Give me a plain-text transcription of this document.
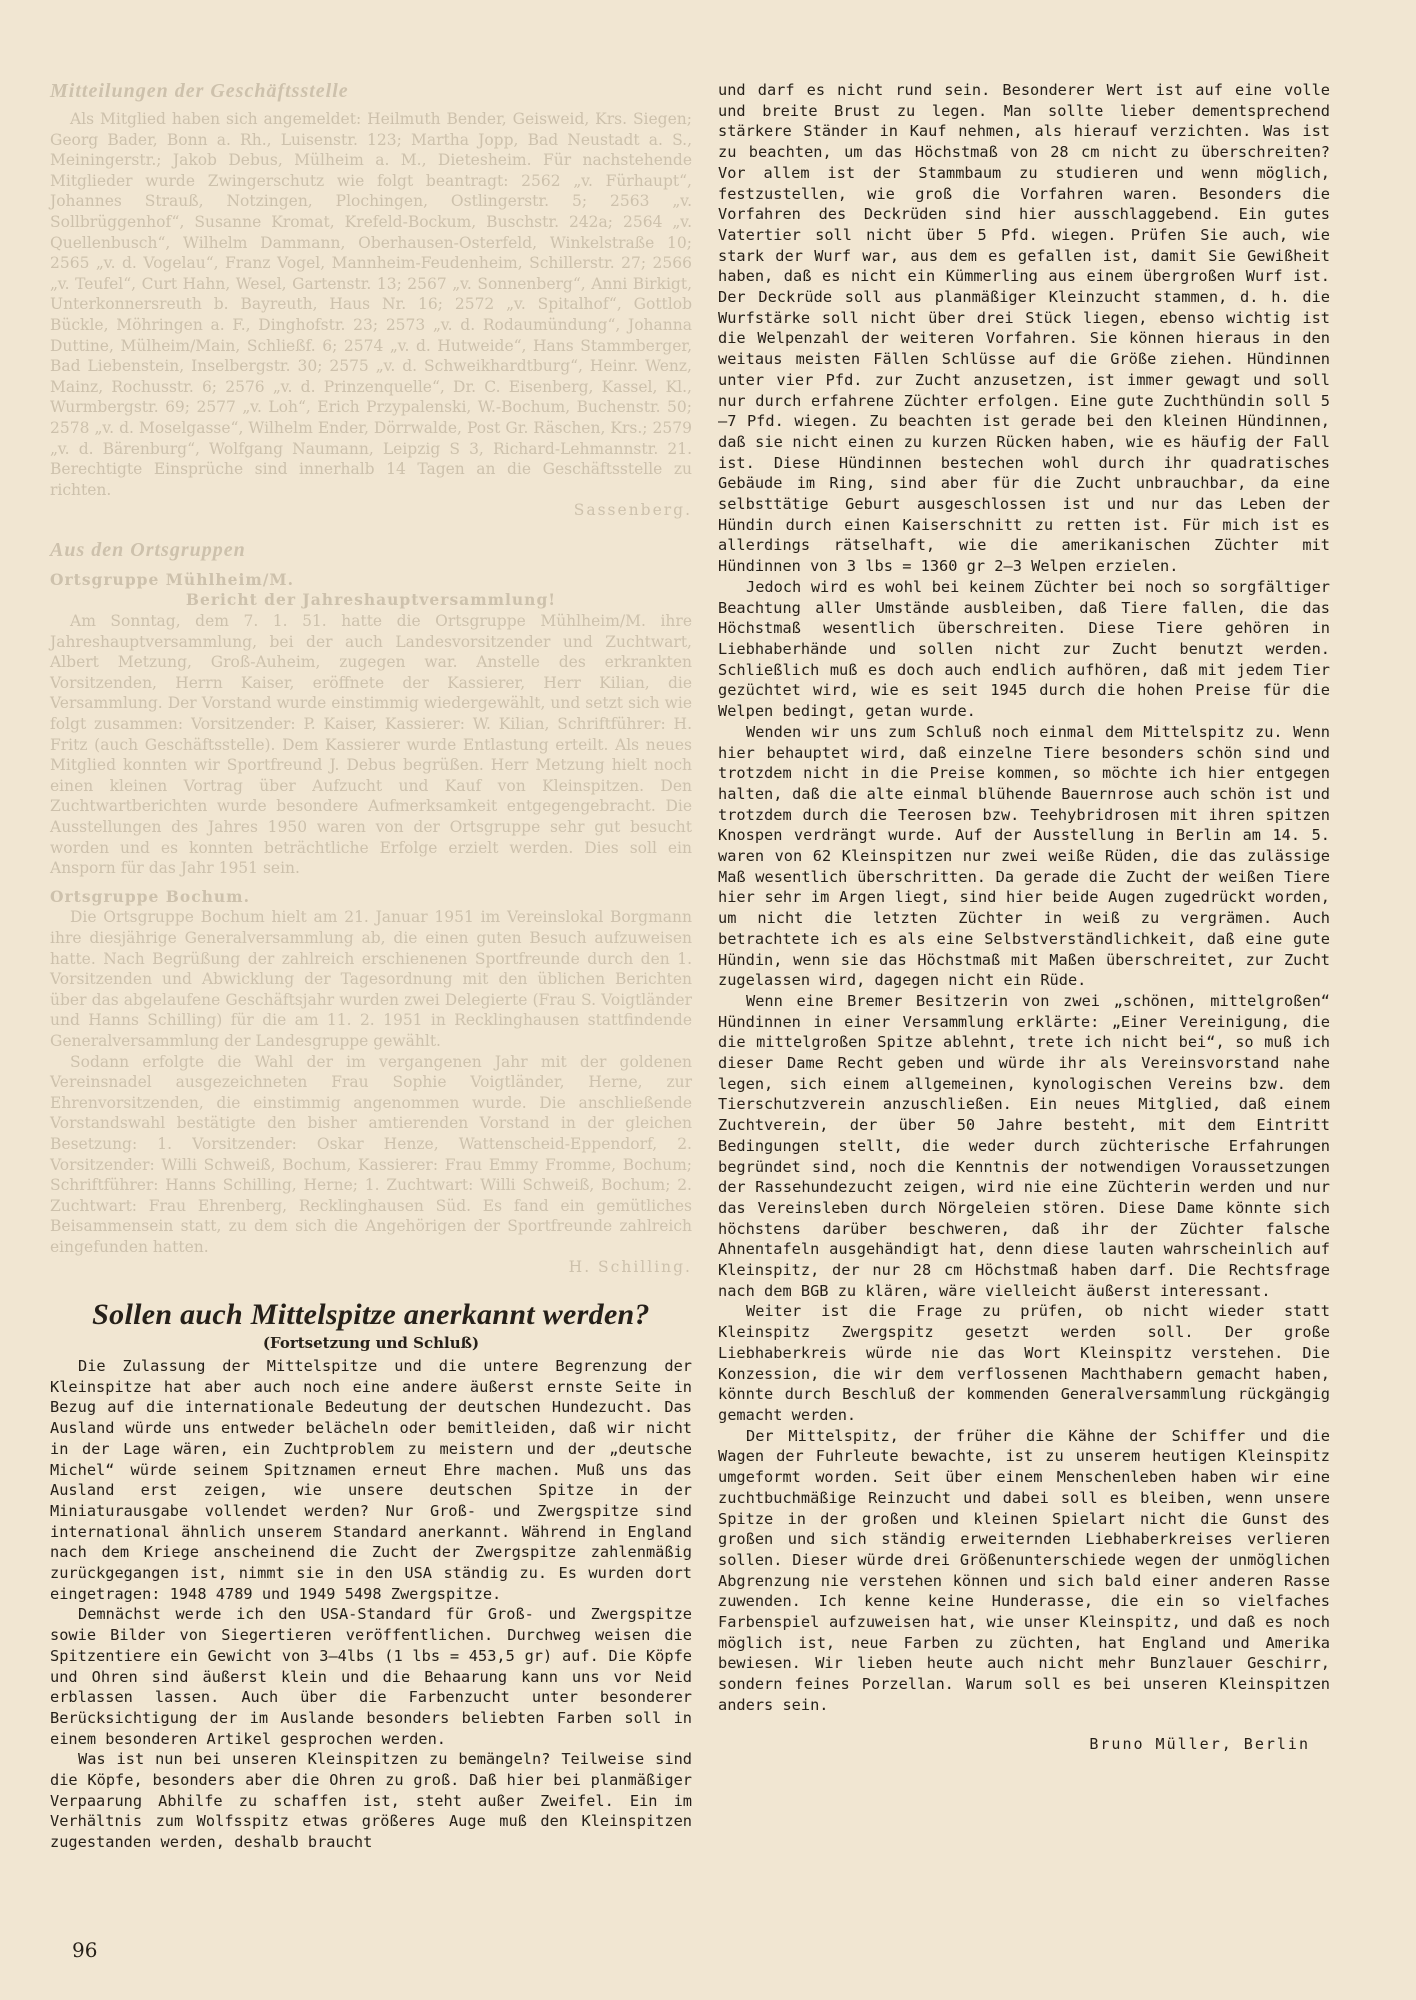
Mitteilungen der Geschäftsstelle

Als Mitglied haben sich angemeldet: Heilmuth Bender, Geisweid, Krs. Siegen; Georg Bader, Bonn a. Rh., Luisenstr. 123; Martha Jopp, Bad Neustadt a. S., Meiningerstr.; Jakob Debus, Mülheim a. M., Dietesheim. Für nachstehende Mitglieder wurde Zwingerschutz wie folgt beantragt: 2562 „v. Fürhaupt“, Johannes Strauß, Notzingen, Plochingen, Ostlingerstr. 5; 2563 „v. Sollbrüggenhof“, Susanne Kromat, Krefeld-Bockum, Buschstr. 242a; 2564 „v. Quellenbusch“, Wilhelm Dammann, Oberhausen-Osterfeld, Winkelstraße 10; 2565 „v. d. Vogelau“, Franz Vogel, Mannheim-Feudenheim, Schillerstr. 27; 2566 „v. Teufel“, Curt Hahn, Wesel, Gartenstr. 13; 2567 „v. Sonnenberg“, Anni Birkigt, Unterkonnersreuth b. Bayreuth, Haus Nr. 16; 2572 „v. Spitalhof“, Gottlob Bückle, Möhringen a. F., Dinghofstr. 23; 2573 „v. d. Rodaumündung“, Johanna Duttine, Mülheim/Main, Schließf. 6; 2574 „v. d. Hutweide“, Hans Stammberger, Bad Liebenstein, Inselbergstr. 30; 2575 „v. d. Schweikhardtburg“, Heinr. Wenz, Mainz, Rochusstr. 6; 2576 „v. d. Prinzenquelle“, Dr. C. Eisenberg, Kassel, Kl., Wurmbergstr. 69; 2577 „v. Loh“, Erich Przypalenski, W.-Bochum, Buchenstr. 50; 2578 „v. d. Moselgasse“, Wilhelm Ender, Dörrwalde, Post Gr. Räschen, Krs.; 2579 „v. d. Bärenburg“, Wolfgang Naumann, Leipzig S 3, Richard-Lehmannstr. 21. Berechtigte Einsprüche sind innerhalb 14 Tagen an die Geschäftsstelle zu richten.

Sassenberg.

Aus den Ortsgruppen

Ortsgruppe Mühlheim/M.

Bericht der Jahreshauptversammlung!

Am Sonntag, dem 7. 1. 51. hatte die Ortsgruppe Mühlheim/M. ihre Jahreshauptversammlung, bei der auch Landesvorsitzender und Zuchtwart, Albert Metzung, Groß-Auheim, zugegen war. Anstelle des erkrankten Vorsitzenden, Herrn Kaiser, eröffnete der Kassierer, Herr Kilian, die Versammlung. Der Vorstand wurde einstimmig wiedergewählt, und setzt sich wie folgt zusammen: Vorsitzender: P. Kaiser, Kassierer: W. Kilian, Schriftführer: H. Fritz (auch Geschäftsstelle). Dem Kassierer wurde Entlastung erteilt. Als neues Mitglied konnten wir Sportfreund J. Debus begrüßen. Herr Metzung hielt noch einen kleinen Vortrag über Aufzucht und Kauf von Kleinspitzen. Den Zuchtwartberichten wurde besondere Aufmerksamkeit entgegengebracht. Die Ausstellungen des Jahres 1950 waren von der Ortsgruppe sehr gut besucht worden und es konnten beträchtliche Erfolge erzielt werden. Dies soll ein Ansporn für das Jahr 1951 sein.

Ortsgruppe Bochum.

Die Ortsgruppe Bochum hielt am 21. Januar 1951 im Vereinslokal Borgmann ihre diesjährige Generalversammlung ab, die einen guten Besuch aufzuweisen hatte. Nach Begrüßung der zahlreich erschienenen Sportfreunde durch den 1. Vorsitzenden und Abwicklung der Tagesordnung mit den üblichen Berichten über das abgelaufene Geschäftsjahr wurden zwei Delegierte (Frau S. Voigtländer und Hanns Schilling) für die am 11. 2. 1951 in Recklinghausen stattfindende Generalversammlung der Landesgruppe gewählt.

Sodann erfolgte die Wahl der im vergangenen Jahr mit der goldenen Vereinsnadel ausgezeichneten Frau Sophie Voigtländer, Herne, zur Ehrenvorsitzenden, die einstimmig angenommen wurde. Die anschließende Vorstandswahl bestätigte den bisher amtierenden Vorstand in der gleichen Besetzung: 1. Vorsitzender: Oskar Henze, Wattenscheid-Eppendorf, 2. Vorsitzender: Willi Schweiß, Bochum, Kassierer: Frau Emmy Fromme, Bochum; Schriftführer: Hanns Schilling, Herne; 1. Zuchtwart: Willi Schweiß, Bochum; 2. Zuchtwart: Frau Ehrenberg, Recklinghausen Süd. Es fand ein gemütliches Beisammensein statt, zu dem sich die Angehörigen der Sportfreunde zahlreich eingefunden hatten.

H. Schilling.

Sollen auch Mittelspitze anerkannt werden?

(Fortsetzung und Schluß)

Die Zulassung der Mittelspitze und die untere Begrenzung der Kleinspitze hat aber auch noch eine andere äußerst ernste Seite in Bezug auf die internationale Bedeutung der deutschen Hundezucht. Das Ausland würde uns entweder belächeln oder bemitleiden, daß wir nicht in der Lage wären, ein Zuchtproblem zu meistern und der „deutsche Michel“ würde seinem Spitznamen erneut Ehre machen. Muß uns das Ausland erst zeigen, wie unsere deutschen Spitze in der Miniaturausgabe vollendet werden? Nur Groß- und Zwergspitze sind international ähnlich unserem Standard anerkannt. Während in England nach dem Kriege anscheinend die Zucht der Zwergspitze zahlenmäßig zurückgegangen ist, nimmt sie in den USA ständig zu. Es wurden dort eingetragen: 1948 4789 und 1949 5498 Zwergspitze.

Demnächst werde ich den USA-Standard für Groß- und Zwergspitze sowie Bilder von Siegertieren veröffentlichen. Durchweg weisen die Spitzentiere ein Gewicht von 3—4lbs (1 lbs = 453,5 gr) auf. Die Köpfe und Ohren sind äußerst klein und die Behaarung kann uns vor Neid erblassen lassen. Auch über die Farbenzucht unter besonderer Berücksichtigung der im Auslande besonders beliebten Farben soll in einem besonderen Artikel gesprochen werden.

Was ist nun bei unseren Kleinspitzen zu bemängeln? Teilweise sind die Köpfe, besonders aber die Ohren zu groß. Daß hier bei planmäßiger Verpaarung Abhilfe zu schaffen ist, steht außer Zweifel. Ein im Verhältnis zum Wolfsspitz etwas größeres Auge muß den Kleinspitzen zugestanden werden, deshalb braucht

und darf es nicht rund sein. Besonderer Wert ist auf eine volle und breite Brust zu legen. Man sollte lieber dementsprechend stärkere Ständer in Kauf nehmen, als hierauf verzichten. Was ist zu beachten, um das Höchstmaß von 28 cm nicht zu überschreiten? Vor allem ist der Stammbaum zu studieren und wenn möglich, festzustellen, wie groß die Vorfahren waren. Besonders die Vorfahren des Deckrüden sind hier ausschlaggebend. Ein gutes Vatertier soll nicht über 5 Pfd. wiegen. Prüfen Sie auch, wie stark der Wurf war, aus dem es gefallen ist, damit Sie Gewißheit haben, daß es nicht ein Kümmerling aus einem übergroßen Wurf ist. Der Deckrüde soll aus planmäßiger Kleinzucht stammen, d. h. die Wurfstärke soll nicht über drei Stück liegen, ebenso wichtig ist die Welpenzahl der weiteren Vorfahren. Sie können hieraus in den weitaus meisten Fällen Schlüsse auf die Größe ziehen. Hündinnen unter vier Pfd. zur Zucht anzusetzen, ist immer gewagt und soll nur durch erfahrene Züchter erfolgen. Eine gute Zuchthündin soll 5—7 Pfd. wiegen. Zu beachten ist gerade bei den kleinen Hündinnen, daß sie nicht einen zu kurzen Rücken haben, wie es häufig der Fall ist. Diese Hündinnen bestechen wohl durch ihr quadratisches Gebäude im Ring, sind aber für die Zucht unbrauchbar, da eine selbsttätige Geburt ausgeschlossen ist und nur das Leben der Hündin durch einen Kaiserschnitt zu retten ist. Für mich ist es allerdings rätselhaft, wie die amerikanischen Züchter mit Hündinnen von 3 lbs = 1360 gr 2—3 Welpen erzielen.

Jedoch wird es wohl bei keinem Züchter bei noch so sorgfältiger Beachtung aller Umstände ausbleiben, daß Tiere fallen, die das Höchstmaß wesentlich überschreiten. Diese Tiere gehören in Liebhaberhände und sollen nicht zur Zucht benutzt werden. Schließlich muß es doch auch endlich aufhören, daß mit jedem Tier gezüchtet wird, wie es seit 1945 durch die hohen Preise für die Welpen bedingt, getan wurde.

Wenden wir uns zum Schluß noch einmal dem Mittelspitz zu. Wenn hier behauptet wird, daß einzelne Tiere besonders schön sind und trotzdem nicht in die Preise kommen, so möchte ich hier entgegen halten, daß die alte einmal blühende Bauernrose auch schön ist und trotzdem durch die Teerosen bzw. Teehybridrosen mit ihren spitzen Knospen verdrängt wurde. Auf der Ausstellung in Berlin am 14. 5. waren von 62 Kleinspitzen nur zwei weiße Rüden, die das zulässige Maß wesentlich überschritten. Da gerade die Zucht der weißen Tiere hier sehr im Argen liegt, sind hier beide Augen zugedrückt worden, um nicht die letzten Züchter in weiß zu vergrämen. Auch betrachtete ich es als eine Selbstverständlichkeit, daß eine gute Hündin, wenn sie das Höchstmaß mit Maßen überschreitet, zur Zucht zugelassen wird, dagegen nicht ein Rüde.

Wenn eine Bremer Besitzerin von zwei „schönen, mittelgroßen“ Hündinnen in einer Versammlung erklärte: „Einer Vereinigung, die die mittelgroßen Spitze ablehnt, trete ich nicht bei“, so muß ich dieser Dame Recht geben und würde ihr als Vereinsvorstand nahe legen, sich einem allgemeinen, kynologischen Vereins bzw. dem Tierschutzverein anzuschließen. Ein neues Mitglied, daß einem Zuchtverein, der über 50 Jahre besteht, mit dem Eintritt Bedingungen stellt, die weder durch züchterische Erfahrungen begründet sind, noch die Kenntnis der notwendigen Voraussetzungen der Rassehundezucht zeigen, wird nie eine Züchterin werden und nur das Vereinsleben durch Nörgeleien stören. Diese Dame könnte sich höchstens darüber beschweren, daß ihr der Züchter falsche Ahnentafeln ausgehändigt hat, denn diese lauten wahrscheinlich auf Kleinspitz, der nur 28 cm Höchstmaß haben darf. Die Rechtsfrage nach dem BGB zu klären, wäre vielleicht äußerst interessant.

Weiter ist die Frage zu prüfen, ob nicht wieder statt Kleinspitz Zwergspitz gesetzt werden soll. Der große Liebhaberkreis würde nie das Wort Kleinspitz verstehen. Die Konzession, die wir dem verflossenen Machthabern gemacht haben, könnte durch Beschluß der kommenden Generalversammlung rückgängig gemacht werden.

Der Mittelspitz, der früher die Kähne der Schiffer und die Wagen der Fuhrleute bewachte, ist zu unserem heutigen Kleinspitz umgeformt worden. Seit über einem Menschenleben haben wir eine zuchtbuchmäßige Reinzucht und dabei soll es bleiben, wenn unsere Spitze in der großen und kleinen Spielart nicht die Gunst des großen und sich ständig erweiternden Liebhaberkreises verlieren sollen. Dieser würde drei Größenunterschiede wegen der unmöglichen Abgrenzung nie verstehen können und sich bald einer anderen Rasse zuwenden. Ich kenne keine Hunderasse, die ein so vielfaches Farbenspiel aufzuweisen hat, wie unser Kleinspitz, und daß es noch möglich ist, neue Farben zu züchten, hat England und Amerika bewiesen. Wir lieben heute auch nicht mehr Bunzlauer Geschirr, sondern feines Porzellan. Warum soll es bei unseren Kleinspitzen anders sein.

Bruno Müller, Berlin

96
